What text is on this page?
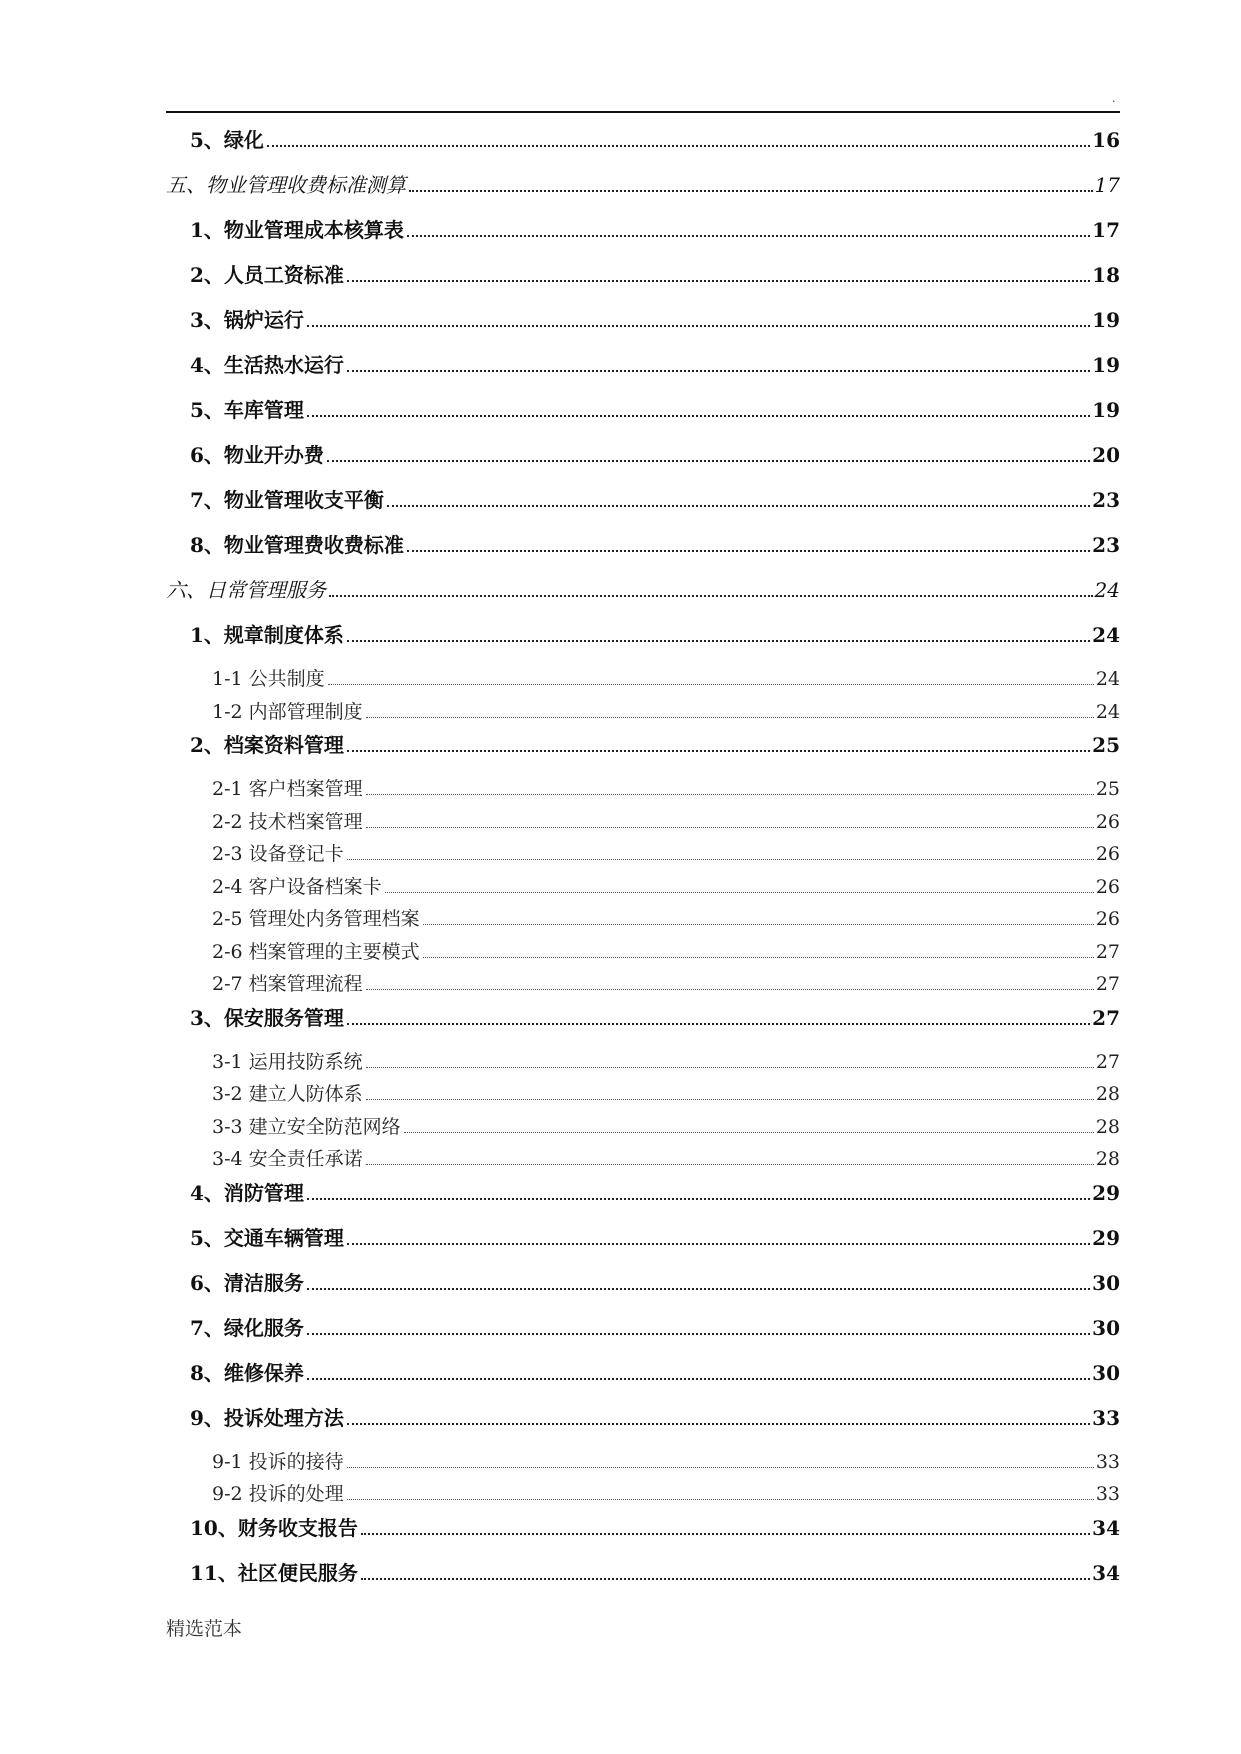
.
5、绿化	16
五、物业管理收费标准测算	17
1、物业管理成本核算表	17
2、人员工资标准	18
3、锅炉运行	19
4、生活热水运行	19
5、车库管理	19
6、物业开办费	20
7、物业管理收支平衡	23
8、物业管理费收费标准	23
六、日常管理服务	24
1、规章制度体系	24
1-1 公共制度	24
1-2 内部管理制度	24
2、档案资料管理	25
2-1 客户档案管理	25
2-2 技术档案管理	26
2-3 设备登记卡	26
2-4 客户设备档案卡	26
2-5 管理处内务管理档案	26
2-6 档案管理的主要模式	27
2-7 档案管理流程	27
3、保安服务管理	27
3-1 运用技防系统	27
3-2 建立人防体系	28
3-3 建立安全防范网络	28
3-4 安全责任承诺	28
4、消防管理	29
5、交通车辆管理	29
6、清洁服务	30
7、绿化服务	30
8、维修保养	30
9、投诉处理方法	33
9-1 投诉的接待	33
9-2 投诉的处理	33
10、财务收支报告	34
11、社区便民服务	34
精选范本
